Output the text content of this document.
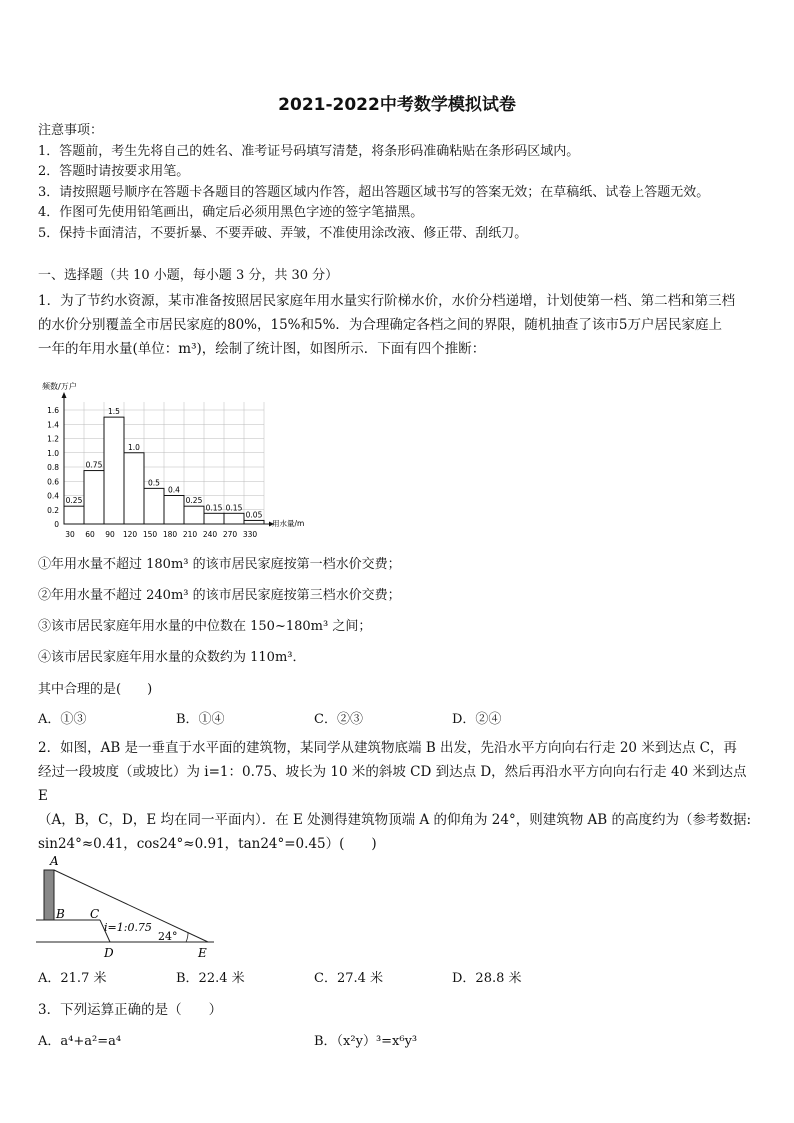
2021-2022中考数学模拟试卷
注意事项：
1．答题前，考生先将自己的姓名、准考证号码填写清楚，将条形码准确粘贴在条形码区域内。
2．答题时请按要求用笔。
3．请按照题号顺序在答题卡各题目的答题区域内作答，超出答题区域书写的答案无效；在草稿纸、试卷上答题无效。
4．作图可先使用铅笔画出，确定后必须用黑色字迹的签字笔描黑。
5．保持卡面清洁，不要折暴、不要弄破、弄皱，不准使用涂改液、修正带、刮纸刀。
一、选择题（共 10 小题，每小题 3 分，共 30 分）
1．为了节约水资源，某市准备按照居民家庭年用水量实行阶梯水价，水价分档递增，计划使第一档、第二档和第三档
的水价分别覆盖全市居民家庭的80%，15%和5%．为合理确定各档之间的界限，随机抽查了该市5万户居民家庭上
一年的年用水量(单位：m³)，绘制了统计图，如图所示．下面有四个推断：
0
0.2
0.4
0.6
0.8
1.0
1.2
1.4
1.6
0.25
0.75
1.5
1.0
0.5
0.4
0.25
0.15 0.15
0.05
30 60 90 120 150 180 210 240 270 330
频数/万户
用水量/m
①年用水量不超过 180m³ 的该市居民家庭按第一档水价交费；
②年用水量不超过 240m³ 的该市居民家庭按第三档水价交费；
③该市居民家庭年用水量的中位数在 150~180m³ 之间；
④该市居民家庭年用水量的众数约为 110m³．
其中合理的是(　　)
A．①③	B．①④	C．②③	D．②④
2．如图，AB 是一垂直于水平面的建筑物，某同学从建筑物底端 B 出发，先沿水平方向向右行走 20 米到达点 C，再
经过一段坡度（或坡比）为 i=1：0.75、坡长为 10 米的斜坡 CD 到达点 D，然后再沿水平方向向右行走 40 米到达点 E
（A，B，C，D，E 均在同一平面内）．在 E 处测得建筑物顶端 A 的仰角为 24°，则建筑物 AB 的高度约为（参考数据:
sin24°≈0.41，cos24°≈0.91，tan24°=0.45）(　　)
A
B C
D	E
i=1:0.75
24°
A．21.7 米	B．22.4 米	C．27.4 米	D．28.8 米
3．下列运算正确的是（　　）
A．a⁴+a²=a⁴	B．（x²y）³=x⁶y³
